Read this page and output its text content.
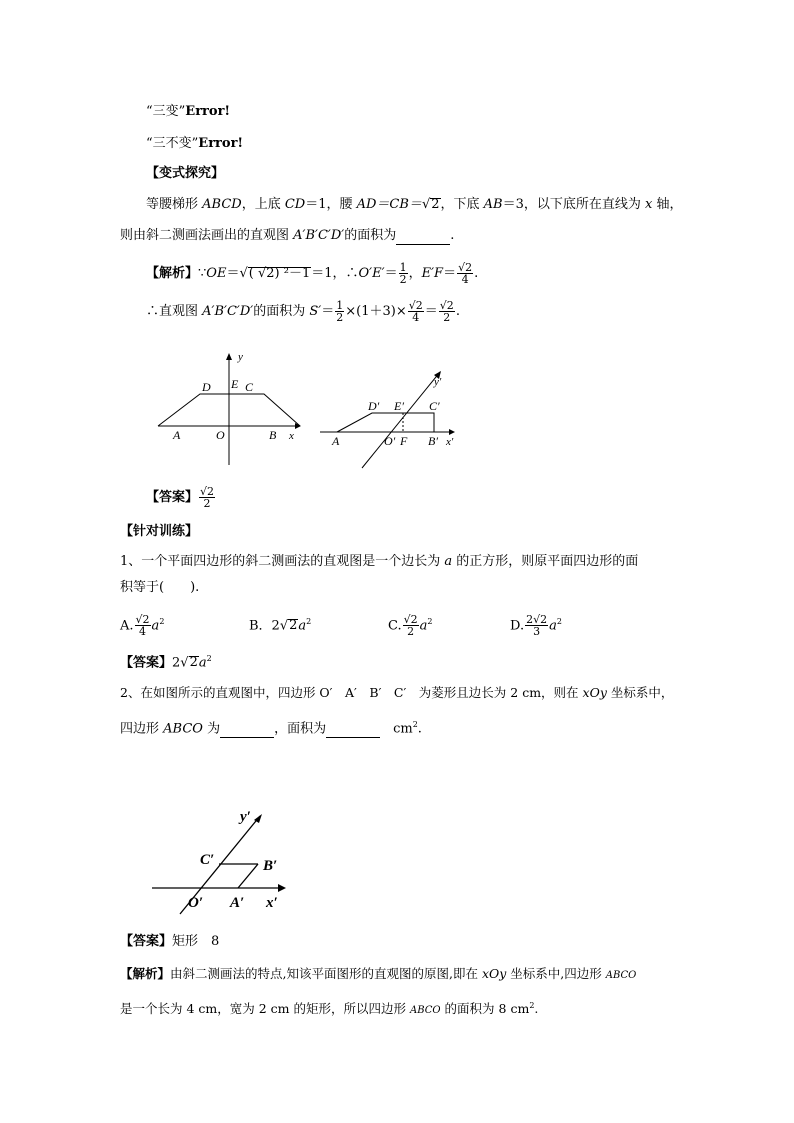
“三变”Error!
“三不变”Error!
【变式探究】
等腰梯形 ABCD，上底 CD＝1，腰 AD＝CB＝√2，下底 AB＝3，以下底所在直线为 x 轴，
则由斜二测画法画出的直观图 A′B′C′D′的面积为	.
【解析】∵OE＝√( √2) ²－1＝1，∴O′E′＝ $\frac{1}{2}$ ，$E'F= \frac{√2}{4}$ .
∴直观图 A′B′C′D′的面积为 $S'= \frac{1}{2} \times(1+3)\times \frac{√2}{4} = \frac{√2}{2}$ .
y
D E C
A	O	B x
y′
D′ E′ C′
A	O′ F B′ x′
【答案】 $\frac{√2}{2}$
【针对训练】
1、一个平面四边形的斜二测画法的直观图是一个边长为 a 的正方形，则原平面四边形的面
积等于(　　).
A. $\frac{√2}{4} a^2$	B．$2√2a^2$	C. $\frac{√2}{2} a^2$	D. $\frac{2√2}{3} a^2$
【答案】$2√2a^2$
2、在如图所示的直观图中，四边形 O′　A′　B′　C′　为菱形且边长为 2 cm，则在 xOy 坐标系中，
四边形 ABCO 为	，面积为	　$cm^2$.
y′
C′	B′
O′ A′ x′
【答案】矩形　8
【解析】由斜二测画法的特点,知该平面图形的直观图的原图,即在 xOy 坐标系中,四边形 ABCO
是一个长为 4 cm，宽为 2 cm 的矩形，所以四边形 ABCO 的面积为 8 $cm^2$.
